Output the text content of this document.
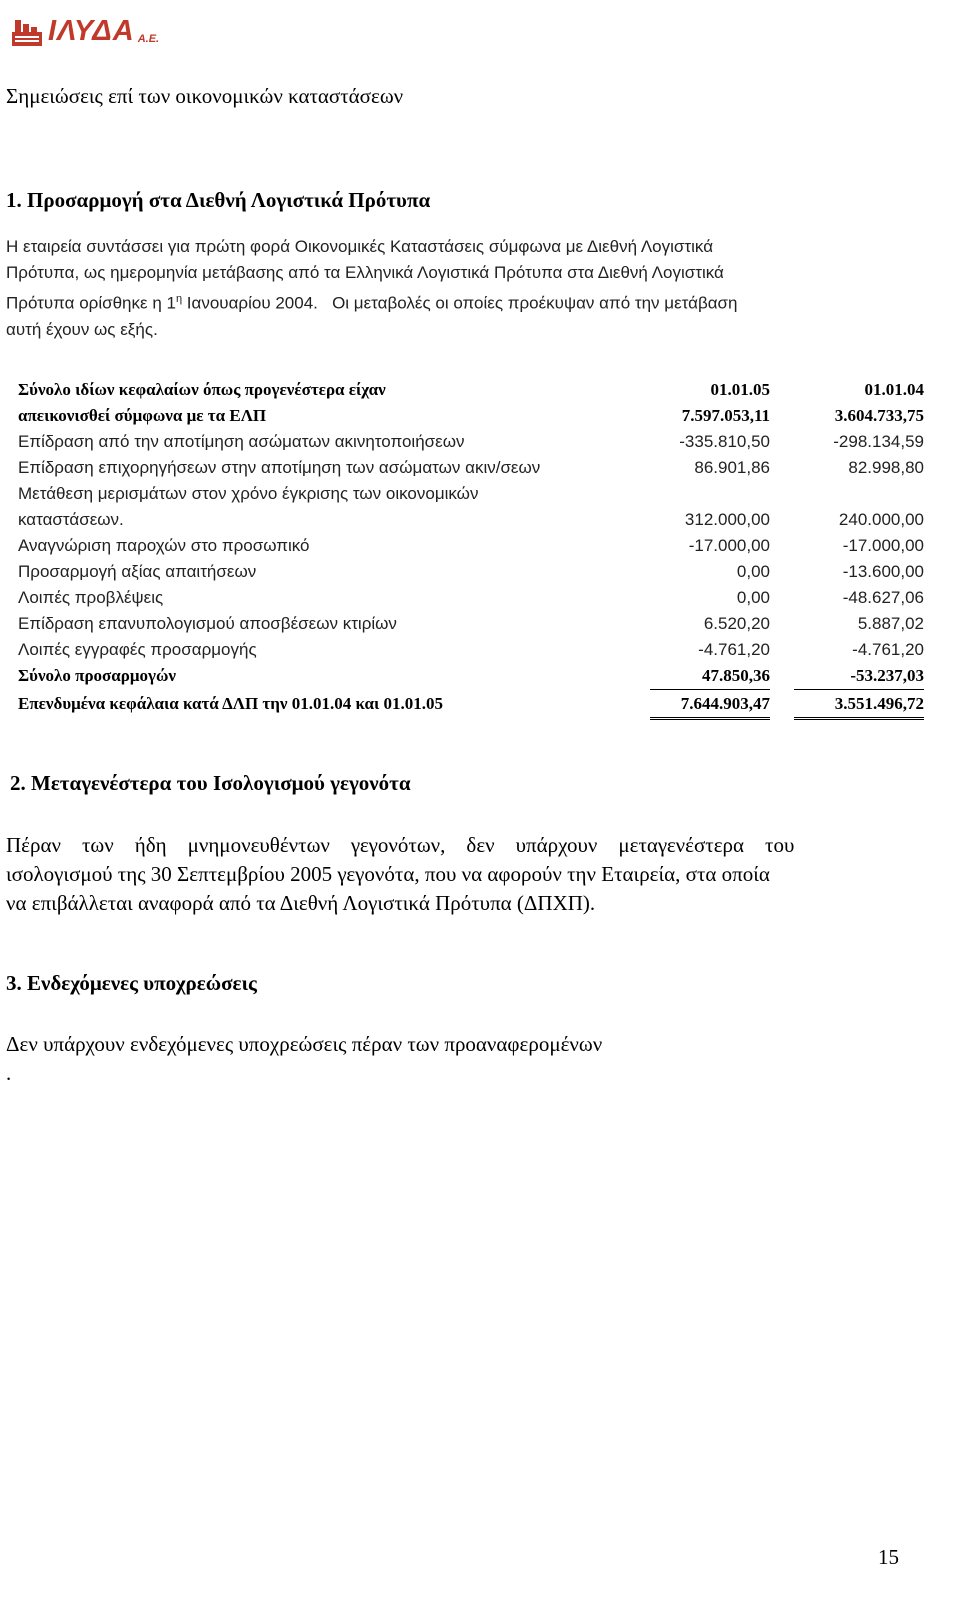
ΙΛΥΔΑ Α.Ε.
Σημειώσεις επί των οικονομικών καταστάσεων
1. Προσαρμογή στα Διεθνή Λογιστικά Πρότυπα
Η εταιρεία συντάσσει για πρώτη φορά Οικονομικές Καταστάσεις σύμφωνα με Διεθνή Λογιστικά
Πρότυπα, ως ημερομηνία μετάβασης από τα Ελληνικά Λογιστικά Πρότυπα στα Διεθνή Λογιστικά
Πρότυπα ορίσθηκε η $1^\eta$ Ιανουαρίου 2004.   Οι μεταβολές οι οποίες προέκυψαν από την μετάβαση
αυτή έχουν ως εξής.
Σύνολο ιδίων κεφαλαίων όπως προγενέστερα είχαν	01.01.05	01.01.04
απεικονισθεί σύμφωνα με τα ΕΛΠ	7.597.053,11	3.604.733,75
Επίδραση από την αποτίμηση ασώματων ακινητοποιήσεων	-335.810,50	-298.134,59
Επίδραση επιχορηγήσεων στην αποτίμηση των ασώματων ακιν/σεων	86.901,86	82.998,80
Μετάθεση μερισμάτων στον χρόνο έγκρισης των οικονομικών
καταστάσεων.	312.000,00	240.000,00
Αναγνώριση παροχών στο προσωπικό	-17.000,00	-17.000,00
Προσαρμογή αξίας απαιτήσεων	0,00	-13.600,00
Λοιπές προβλέψεις	0,00	-48.627,06
Επίδραση επανυπολογισμού αποσβέσεων κτιρίων	6.520,20	5.887,02
Λοιπές εγγραφές προσαρμογής	-4.761,20	-4.761,20
Σύνολο προσαρμογών	47.850,36	-53.237,03
Επενδυμένα κεφάλαια κατά ΔΛΠ την 01.01.04 και 01.01.05	7.644.903,47	3.551.496,72
2. Μεταγενέστερα του Ισολογισμού γεγονότα
Πέραν    των    ήδη    μνημονευθέντων    γεγονότων,    δεν    υπάρχουν    μεταγενέστερα    του
ισολογισμού της 30 Σεπτεμβρίου 2005 γεγονότα, που να αφορούν την Εταιρεία, στα οποία
να επιβάλλεται αναφορά από τα Διεθνή Λογιστικά Πρότυπα (ΔΠΧΠ).
3. Ενδεχόμενες υποχρεώσεις
Δεν υπάρχουν ενδεχόμενες υποχρεώσεις πέραν των προαναφερομένων
.
15
